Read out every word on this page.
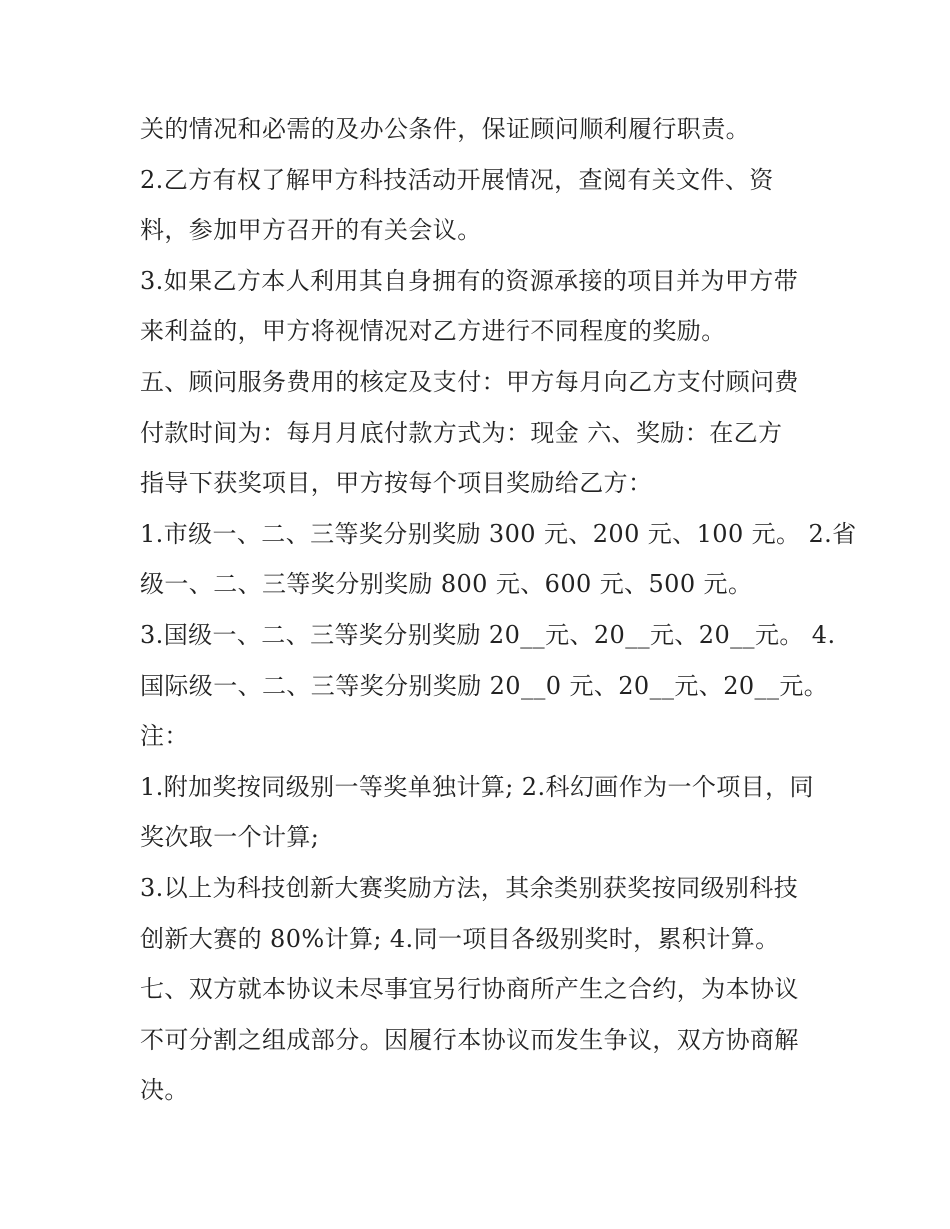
关的情况和必需的及办公条件，保证顾问顺利履行职责。
2.乙方有权了解甲方科技活动开展情况，查阅有关文件、资
料，参加甲方召开的有关会议。
3.如果乙方本人利用其自身拥有的资源承接的项目并为甲方带
来利益的，甲方将视情况对乙方进行不同程度的奖励。
五、顾问服务费用的核定及支付：甲方每月向乙方支付顾问费
付款时间为：每月月底付款方式为：现金 六、奖励：在乙方
指导下获奖项目，甲方按每个项目奖励给乙方：
1.市级一、二、三等奖分别奖励 300 元、200 元、100 元。 2.省
级一、二、三等奖分别奖励 800 元、600 元、500 元。
3.国级一、二、三等奖分别奖励 20__元、20__元、20__元。 4.
国际级一、二、三等奖分别奖励 20__0 元、20__元、20__元。
注：
1.附加奖按同级别一等奖单独计算; 2.科幻画作为一个项目，同
奖次取一个计算;
3.以上为科技创新大赛奖励方法，其余类别获奖按同级别科技
创新大赛的 80%计算; 4.同一项目各级别奖时，累积计算。
七、双方就本协议未尽事宜另行协商所产生之合约，为本协议
不可分割之组成部分。因履行本协议而发生争议，双方协商解
决。
